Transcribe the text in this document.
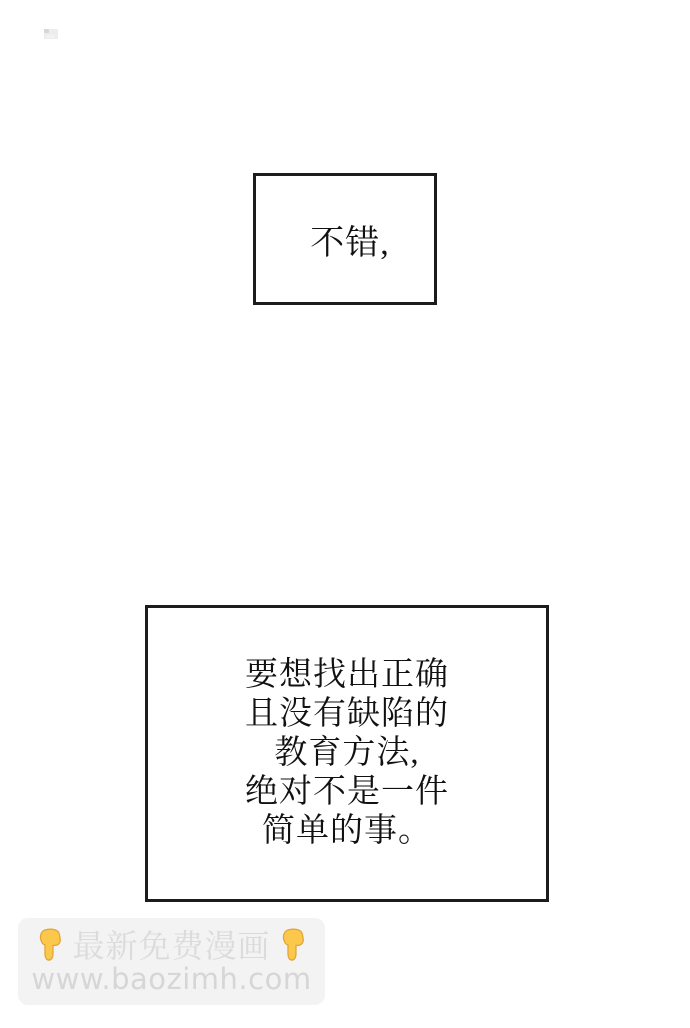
不错,
要想找出正确
且没有缺陷的
教育方法,
绝对不是一件
简单的事。
最新免费漫画
www.baozimh.com
